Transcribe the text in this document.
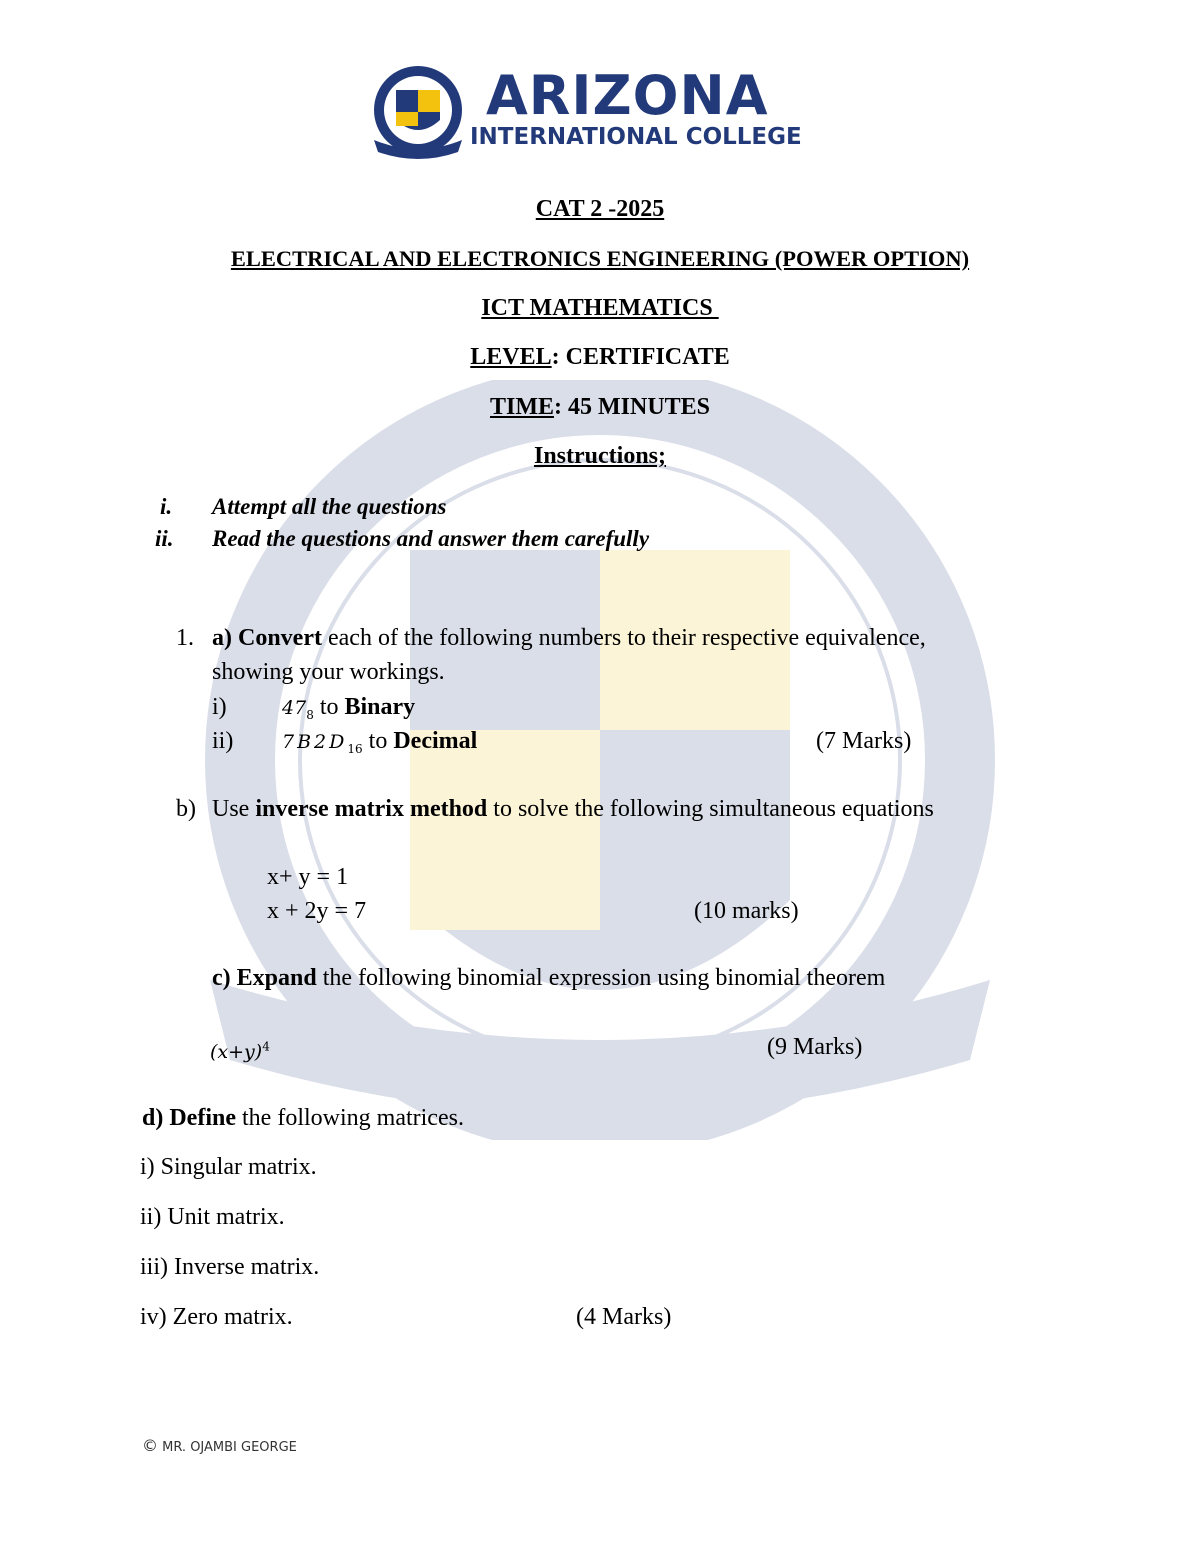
ARIZONA
INTERNATIONAL COLLEGE
CAT 2 -2025
ELECTRICAL AND ELECTRONICS ENGINEERING (POWER OPTION)
ICT MATHEMATICS
LEVEL: CERTIFICATE
TIME: 45 MINUTES
Instructions;
i. Attempt all the questions
ii. Read the questions and answer them carefully
1. a) Convert each of the following numbers to their respective equivalence,
showing your workings.
i)	$47_8$ to Binary
ii)	$7B2D_{16}$ to Decimal	(7 Marks)
b) Use inverse matrix method to solve the following simultaneous equations
x+ y = 1
x + 2y = 7	(10 marks)
c) Expand the following binomial expression using binomial theorem
$(x+y)^4$	(9 Marks)
d) Define the following matrices.
i) Singular matrix.
ii) Unit matrix.
iii) Inverse matrix.
iv) Zero matrix.	(4 Marks)
© MR. OJAMBI GEORGE
